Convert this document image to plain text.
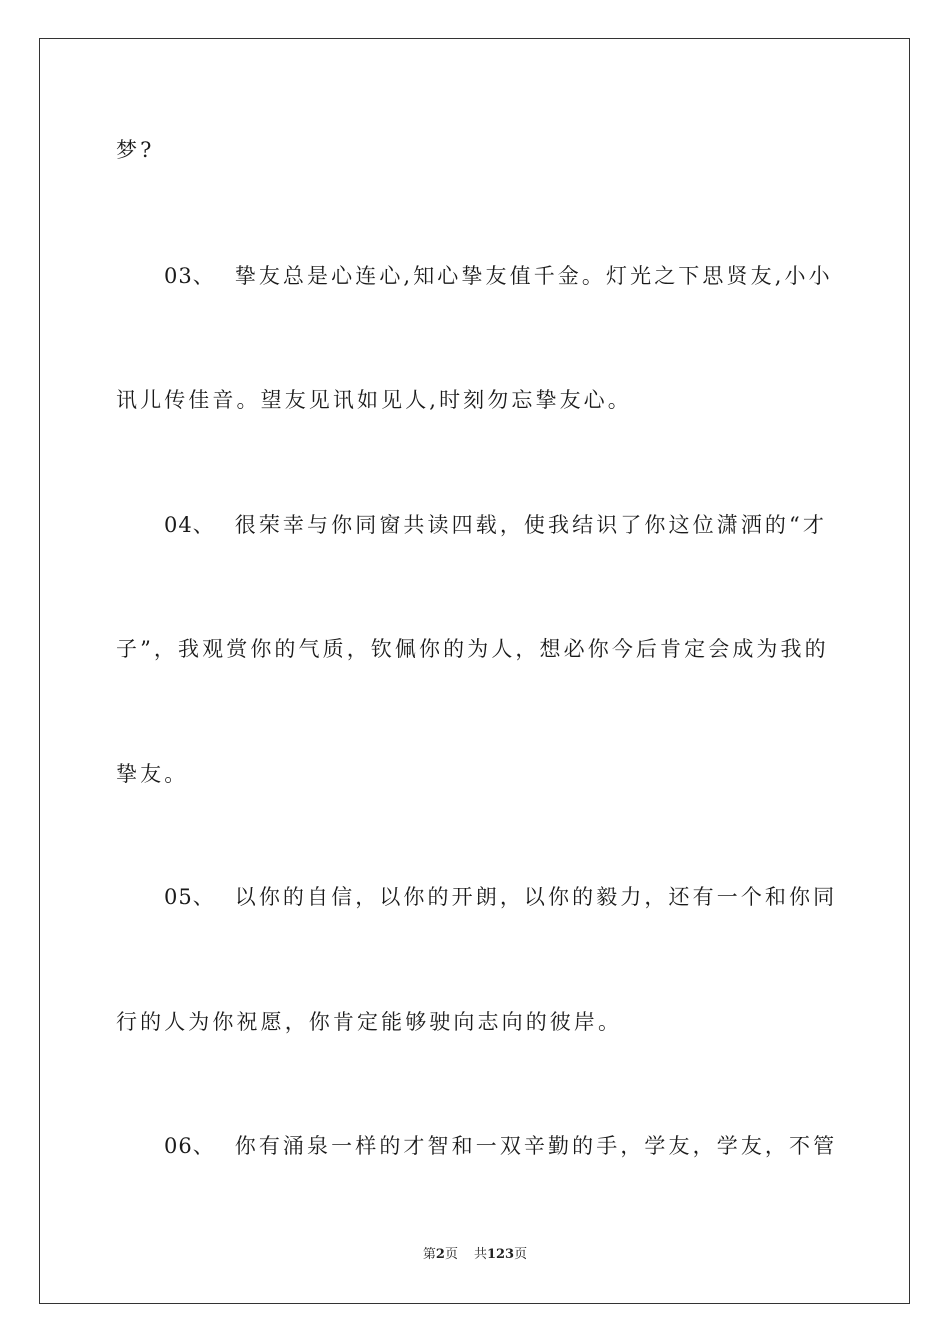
梦?
03、 挚友总是心连心,知心挚友值千金。灯光之下思贤友,小小
讯儿传佳音。望友见讯如见人,时刻勿忘挚友心。
04、 很荣幸与你同窗共读四载，使我结识了你这位潇洒的“才
子”，我观赏你的气质，钦佩你的为人，想必你今后肯定会成为我的
挚友。
05、 以你的自信，以你的开朗，以你的毅力，还有一个和你同
行的人为你祝愿，你肯定能够驶向志向的彼岸。
06、 你有涌泉一样的才智和一双辛勤的手，学友，学友，不管
第2页 共123页
